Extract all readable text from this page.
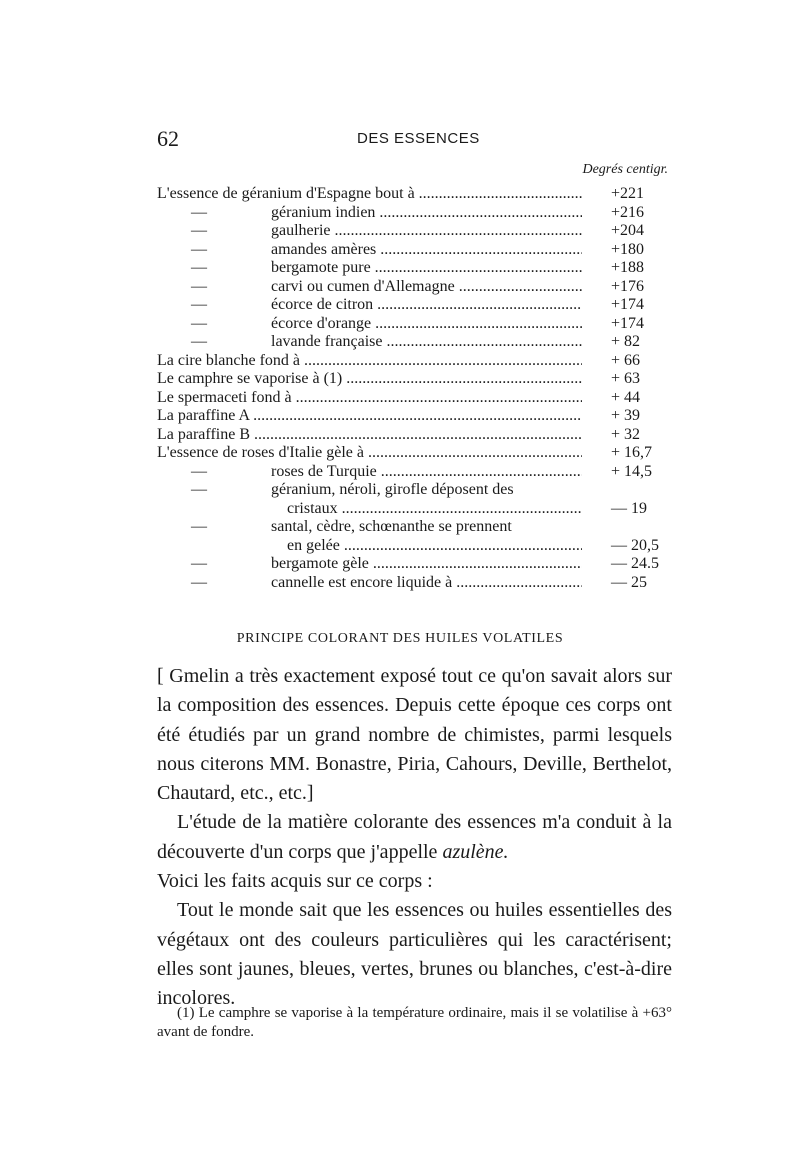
62	DES ESSENCES
Degrés centigr.
L'essence de géranium d'Espagne bout à .....	+221
—	géranium indien .....	+216
—	gaulherie .....	+204
—	amandes amères .....	+180
—	bergamote pure .....	+188
—	carvi ou cumen d'Allemagne .....	+176
—	écorce de citron .....	+174
—	écorce d'orange .....	+174
—	lavande française .....	+ 82
La cire blanche fond à .....	+ 66
Le camphre se vaporise à (1) .....	+ 63
Le spermaceti fond à .....	+ 44
La paraffine A .....	+ 39
La paraffine B .....	+ 32
L'essence de roses d'Italie gèle à .....	+ 16,7
—	roses de Turquie .....	+ 14,5
—	géranium, néroli, girofle déposent des
cristaux .....	— 19
—	santal, cèdre, schœnanthe se prennent
en gelée .....	— 20,5
—	bergamote gèle .....	— 24.5
—	cannelle est encore liquide à .....	— 25
PRINCIPE COLORANT DES HUILES VOLATILES

[ Gmelin a très exactement exposé tout ce qu'on savait alors sur la composition des essences. Depuis cette époque ces corps ont été étudiés par un grand nombre de chimistes, parmi lesquels nous citerons MM. Bonastre, Piria, Cahours, Deville, Berthelot, Chautard, etc., etc.]

L'étude de la matière colorante des essences m'a conduit à la découverte d'un corps que j'appelle azulène.

Voici les faits acquis sur ce corps :

Tout le monde sait que les essences ou huiles essentielles des végétaux ont des couleurs particulières qui les caractérisent; elles sont jaunes, bleues, vertes, brunes ou blanches, c'est-à-dire incolores.

(1) Le camphre se vaporise à la température ordinaire, mais il se volatilise à +63° avant de fondre.
